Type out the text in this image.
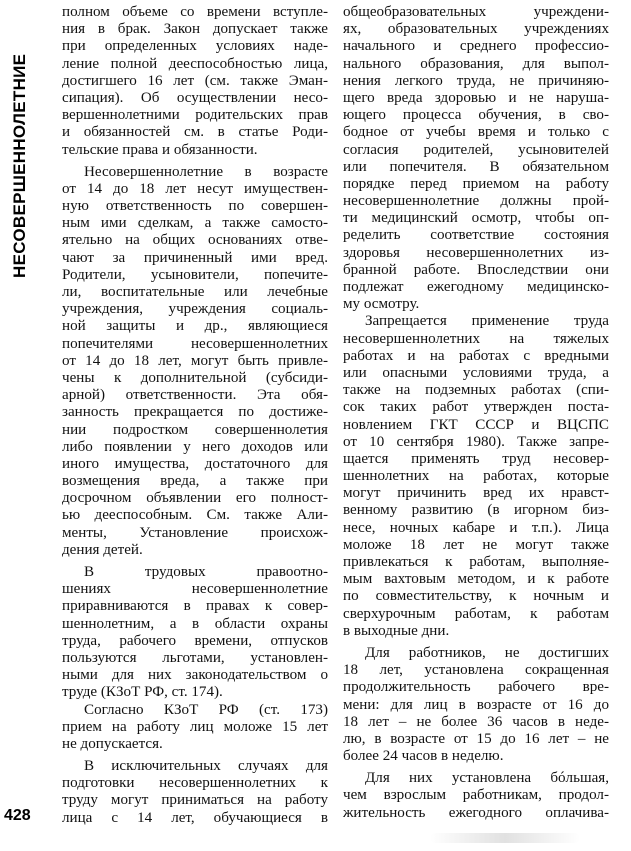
НЕСОВЕРШЕННОЛЕТНИЕ
полном объеме со времени вступле-
ния в брак. Закон допускает также
при определенных условиях наде-
ление полной дееспособностью лица,
достигшего 16 лет (см. также Эман-
сипация). Об осуществлении несо-
вершеннолетними родительских прав
и обязанностей см. в статье Роди-
тельские права и обязанности.
Несовершеннолетние в возрасте
от 14 до 18 лет несут имуществен-
ную ответственность по совершен-
ным ими сделкам, а также самосто-
ятельно на общих основаниях отве-
чают за причиненный ими вред.
Родители, усыновители, попечите-
ли, воспитательные или лечебные
учреждения, учреждения социаль-
ной защиты и др., являющиеся
попечителями несовершеннолетних
от 14 до 18 лет, могут быть привле-
чены к дополнительной (субсиди-
арной) ответственности. Эта обя-
занность прекращается по достиже-
нии подростком совершеннолетия
либо появлении у него доходов или
иного имущества, достаточного для
возмещения вреда, а также при
досрочном объявлении его полност-
ью дееспособным. См. также Али-
менты, Установление происхож-
дения детей.
В трудовых правоотно-
шениях несовершеннолетние
приравниваются в правах к совер-
шеннолетним, а в области охраны
труда, рабочего времени, отпусков
пользуются льготами, установлен-
ными для них законодательством о
труде (КЗоТ РФ, ст. 174).
Согласно КЗоТ РФ (ст. 173)
прием на работу лиц моложе 15 лет
не допускается.
В исключительных случаях для
подготовки несовершеннолетних к
труду могут приниматься на работу
лица с 14 лет, обучающиеся в
общеобразовательных учреждени-
ях, образовательных учреждениях
начального и среднего профессио-
нального образования, для выпол-
нения легкого труда, не причиняю-
щего вреда здоровью и не наруша-
ющего процесса обучения, в сво-
бодное от учебы время и только с
согласия родителей, усыновителей
или попечителя. В обязательном
порядке перед приемом на работу
несовершеннолетние должны прой-
ти медицинский осмотр, чтобы оп-
ределить соответствие состояния
здоровья несовершеннолетних из-
бранной работе. Впоследствии они
подлежат ежегодному медицинско-
му осмотру.
Запрещается применение труда
несовершеннолетних на тяжелых
работах и на работах с вредными
или опасными условиями труда, а
также на подземных работах (спи-
сок таких работ утвержден поста-
новлением ГКТ СССР и ВЦСПС
от 10 сентября 1980). Также запре-
щается применять труд несовер-
шеннолетних на работах, которые
могут причинить вред их нравст-
венному развитию (в игорном биз-
несе, ночных кабаре и т.п.). Лица
моложе 18 лет не могут также
привлекаться к работам, выполняе-
мым вахтовым методом, и к работе
по совместительству, к ночным и
сверхурочным работам, к работам
в выходные дни.
Для работников, не достигших
18 лет, установлена сокращенная
продолжительность рабочего вре-
мени: для лиц в возрасте от 16 до
18 лет – не более 36 часов в неде-
лю, в возрасте от 15 до 16 лет – не
более 24 часов в неделю.
Для них установлена бóльшая,
чем взрослым работникам, продол-
жительность ежегодного оплачива-
428
